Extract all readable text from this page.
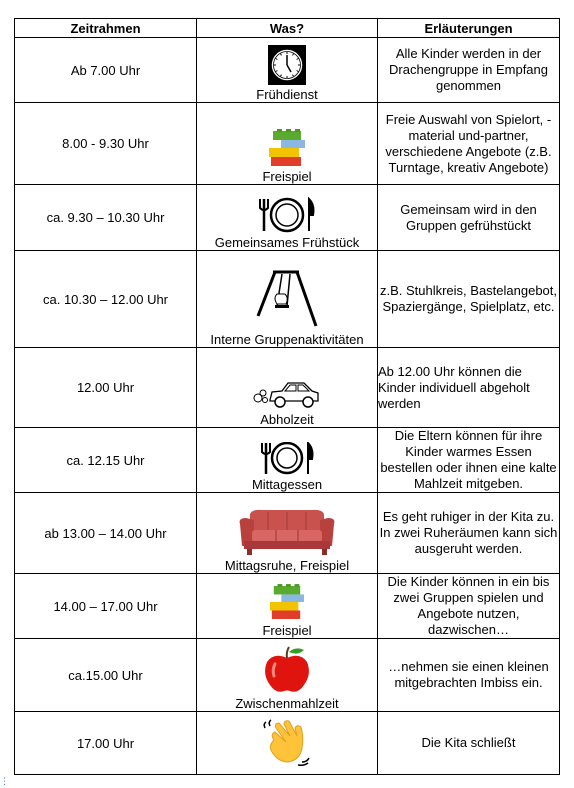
Zeitrahmen	Was?	Erläuterungen
Ab 7.00 Uhr	Frühdienst	Alle Kinder werden in der Drachengruppe in Empfang genommen
8.00 - 9.30 Uhr	Freispiel	Freie Auswahl von Spielort, -material und-partner, verschiedene Angebote (z.B. Turntage, kreativ Angebote)
ca. 9.30 – 10.30 Uhr	Gemeinsames Frühstück	Gemeinsam wird in den Gruppen gefrühstückt
ca. 10.30 – 12.00 Uhr	Interne Gruppenaktivitäten	z.B. Stuhlkreis, Bastelangebot, Spaziergänge, Spielplatz, etc.
12.00 Uhr	Abholzeit	Ab 12.00 Uhr können die Kinder individuell abgeholt werden
ca. 12.15 Uhr	Mittagessen	Die Eltern können für ihre Kinder warmes Essen bestellen oder ihnen eine kalte Mahlzeit mitgeben.
ab 13.00 – 14.00 Uhr	Mittagsruhe, Freispiel	Es geht ruhiger in der Kita zu. In zwei Ruheräumen kann sich ausgeruht werden.
14.00 – 17.00 Uhr	Freispiel	Die Kinder können in ein bis zwei Gruppen spielen und Angebote nutzen, dazwischen…
ca.15.00 Uhr	Zwischenmahlzeit	…nehmen sie einen kleinen mitgebrachten Imbiss ein.
17.00 Uhr		Die Kita schließt
⋮
